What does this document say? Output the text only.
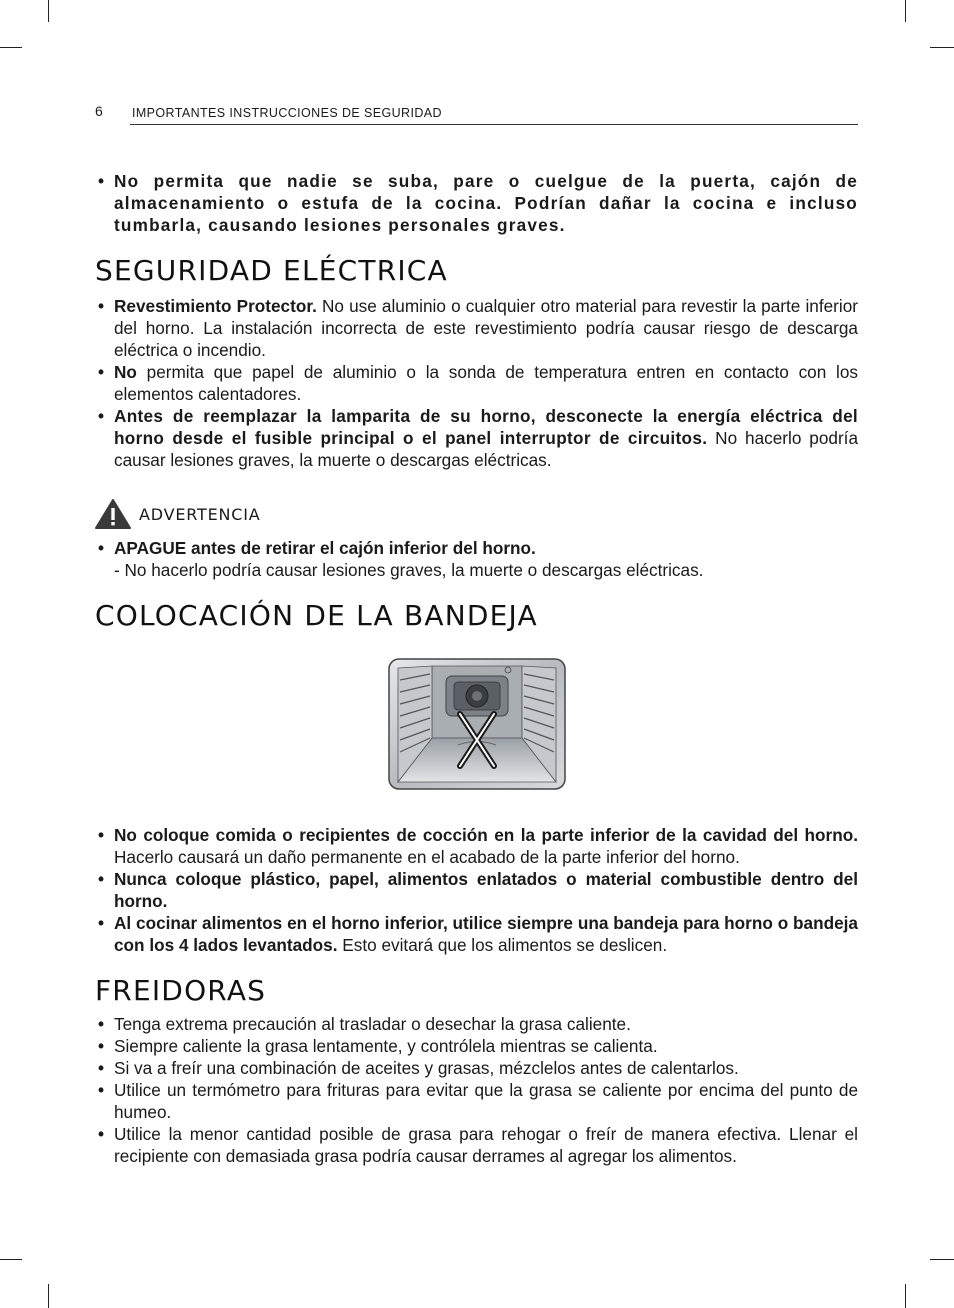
6 IMPORTANTES INSTRUCCIONES DE SEGURIDAD
• No permita que nadie se suba, pare o cuelgue de la puerta, cajón de almacenamiento o estufa de la cocina. Podrían dañar la cocina e incluso tumbarla, causando lesiones personales graves.
SEGURIDAD ELÉCTRICA
• Revestimiento Protector. No use aluminio o cualquier otro material para revestir la parte inferior del horno. La instalación incorrecta de este revestimiento podría causar riesgo de descarga eléctrica o incendio.
• No permita que papel de aluminio o la sonda de temperatura entren en contacto con los elementos calentadores.
• Antes de reemplazar la lamparita de su horno, desconecte la energía eléctrica del horno desde el fusible principal o el panel interruptor de circuitos. No hacerlo podría causar lesiones graves, la muerte o descargas eléctricas.
ADVERTENCIA
• APAGUE antes de retirar el cajón inferior del horno.
- No hacerlo podría causar lesiones graves, la muerte o descargas eléctricas.
COLOCACIÓN DE LA BANDEJA
• No coloque comida o recipientes de cocción en la parte inferior de la cavidad del horno. Hacerlo causará un daño permanente en el acabado de la parte inferior del horno.
• Nunca coloque plástico, papel, alimentos enlatados o material combustible dentro del horno.
• Al cocinar alimentos en el horno inferior, utilice siempre una bandeja para horno o bandeja con los 4 lados levantados. Esto evitará que los alimentos se deslicen.
FREIDORAS
• Tenga extrema precaución al trasladar o desechar la grasa caliente.
• Siempre caliente la grasa lentamente, y contrólela mientras se calienta.
• Si va a freír una combinación de aceites y grasas, mézclelos antes de calentarlos.
• Utilice un termómetro para frituras para evitar que la grasa se caliente por encima del punto de humeo.
• Utilice la menor cantidad posible de grasa para rehogar o freír de manera efectiva. Llenar el recipiente con demasiada grasa podría causar derrames al agregar los alimentos.
